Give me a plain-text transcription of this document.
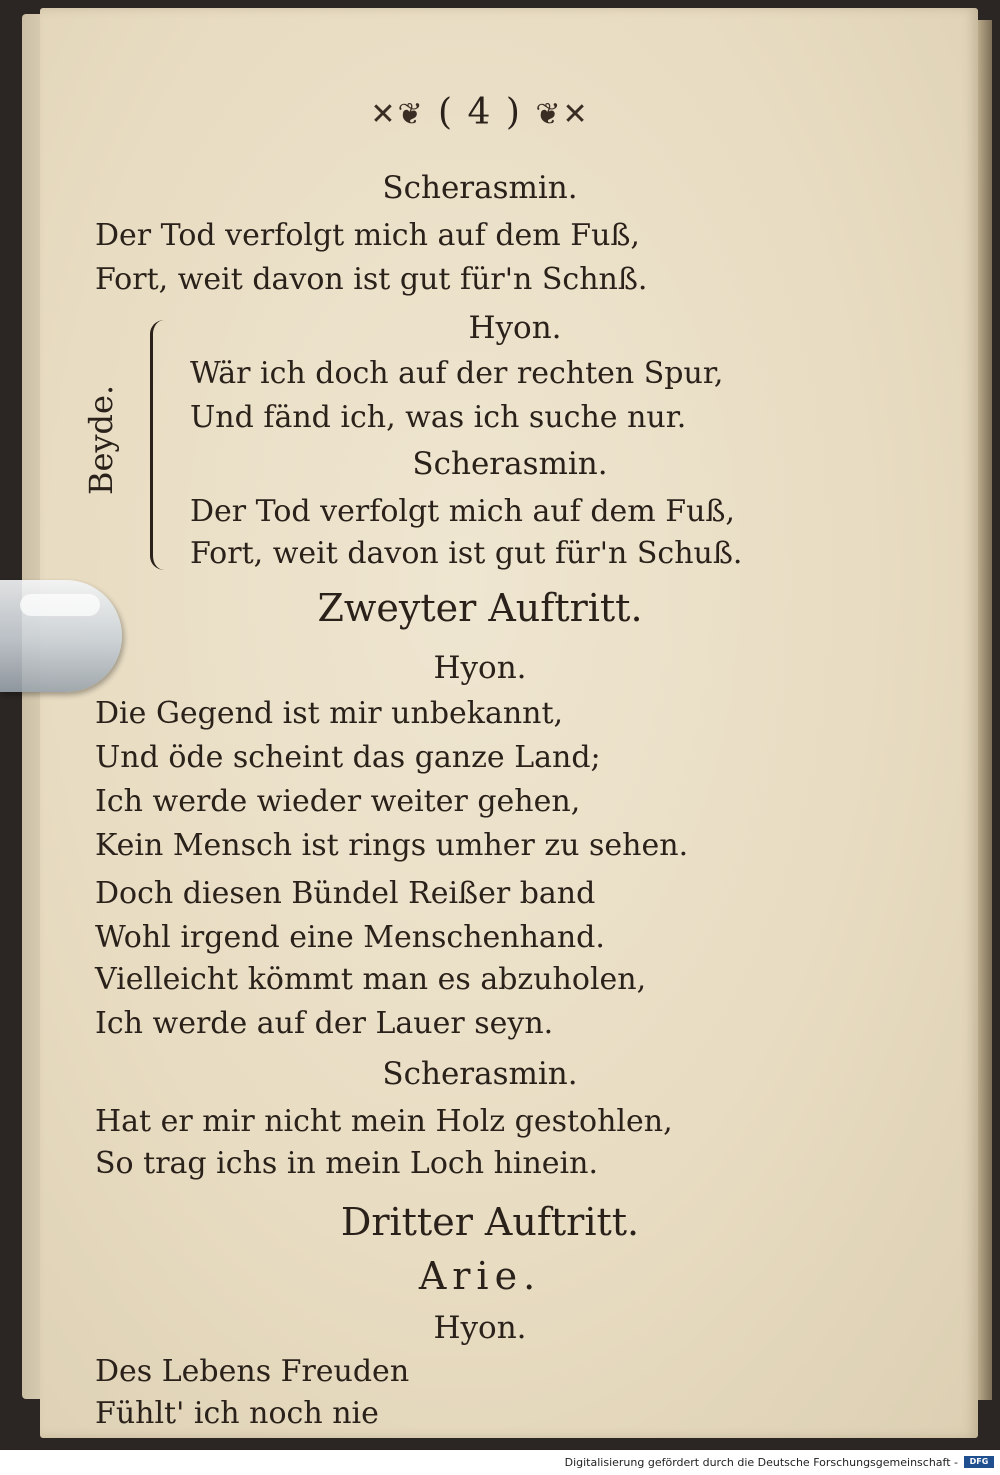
✕❦ ( 4 ) ❦✕
Scherasmin.
Der Tod verfolgt mich auf dem Fuß,
Fort, weit davon ist gut für'n Schnß.
Beyde.
Hyon.
Wär ich doch auf der rechten Spur,
Und fänd ich, was ich suche nur.
Scherasmin.
Der Tod verfolgt mich auf dem Fuß,
Fort, weit davon ist gut für'n Schuß.
Zweyter Auftritt.
Hyon.
Die Gegend ist mir unbekannt,
Und öde scheint das ganze Land;
Ich werde wieder weiter gehen,
Kein Mensch ist rings umher zu sehen.
Doch diesen Bündel Reißer band
Wohl irgend eine Menschenhand.
Vielleicht kömmt man es abzuholen,
Ich werde auf der Lauer seyn.
Scherasmin.
Hat er mir nicht mein Holz gestohlen,
So trag ichs in mein Loch hinein.
Dritter Auftritt.
Arie.
Hyon.
Des Lebens Freuden
Fühlt' ich noch nie
Digitalisierung gefördert durch die Deutsche Forschungsgemeinschaft -	DFG
